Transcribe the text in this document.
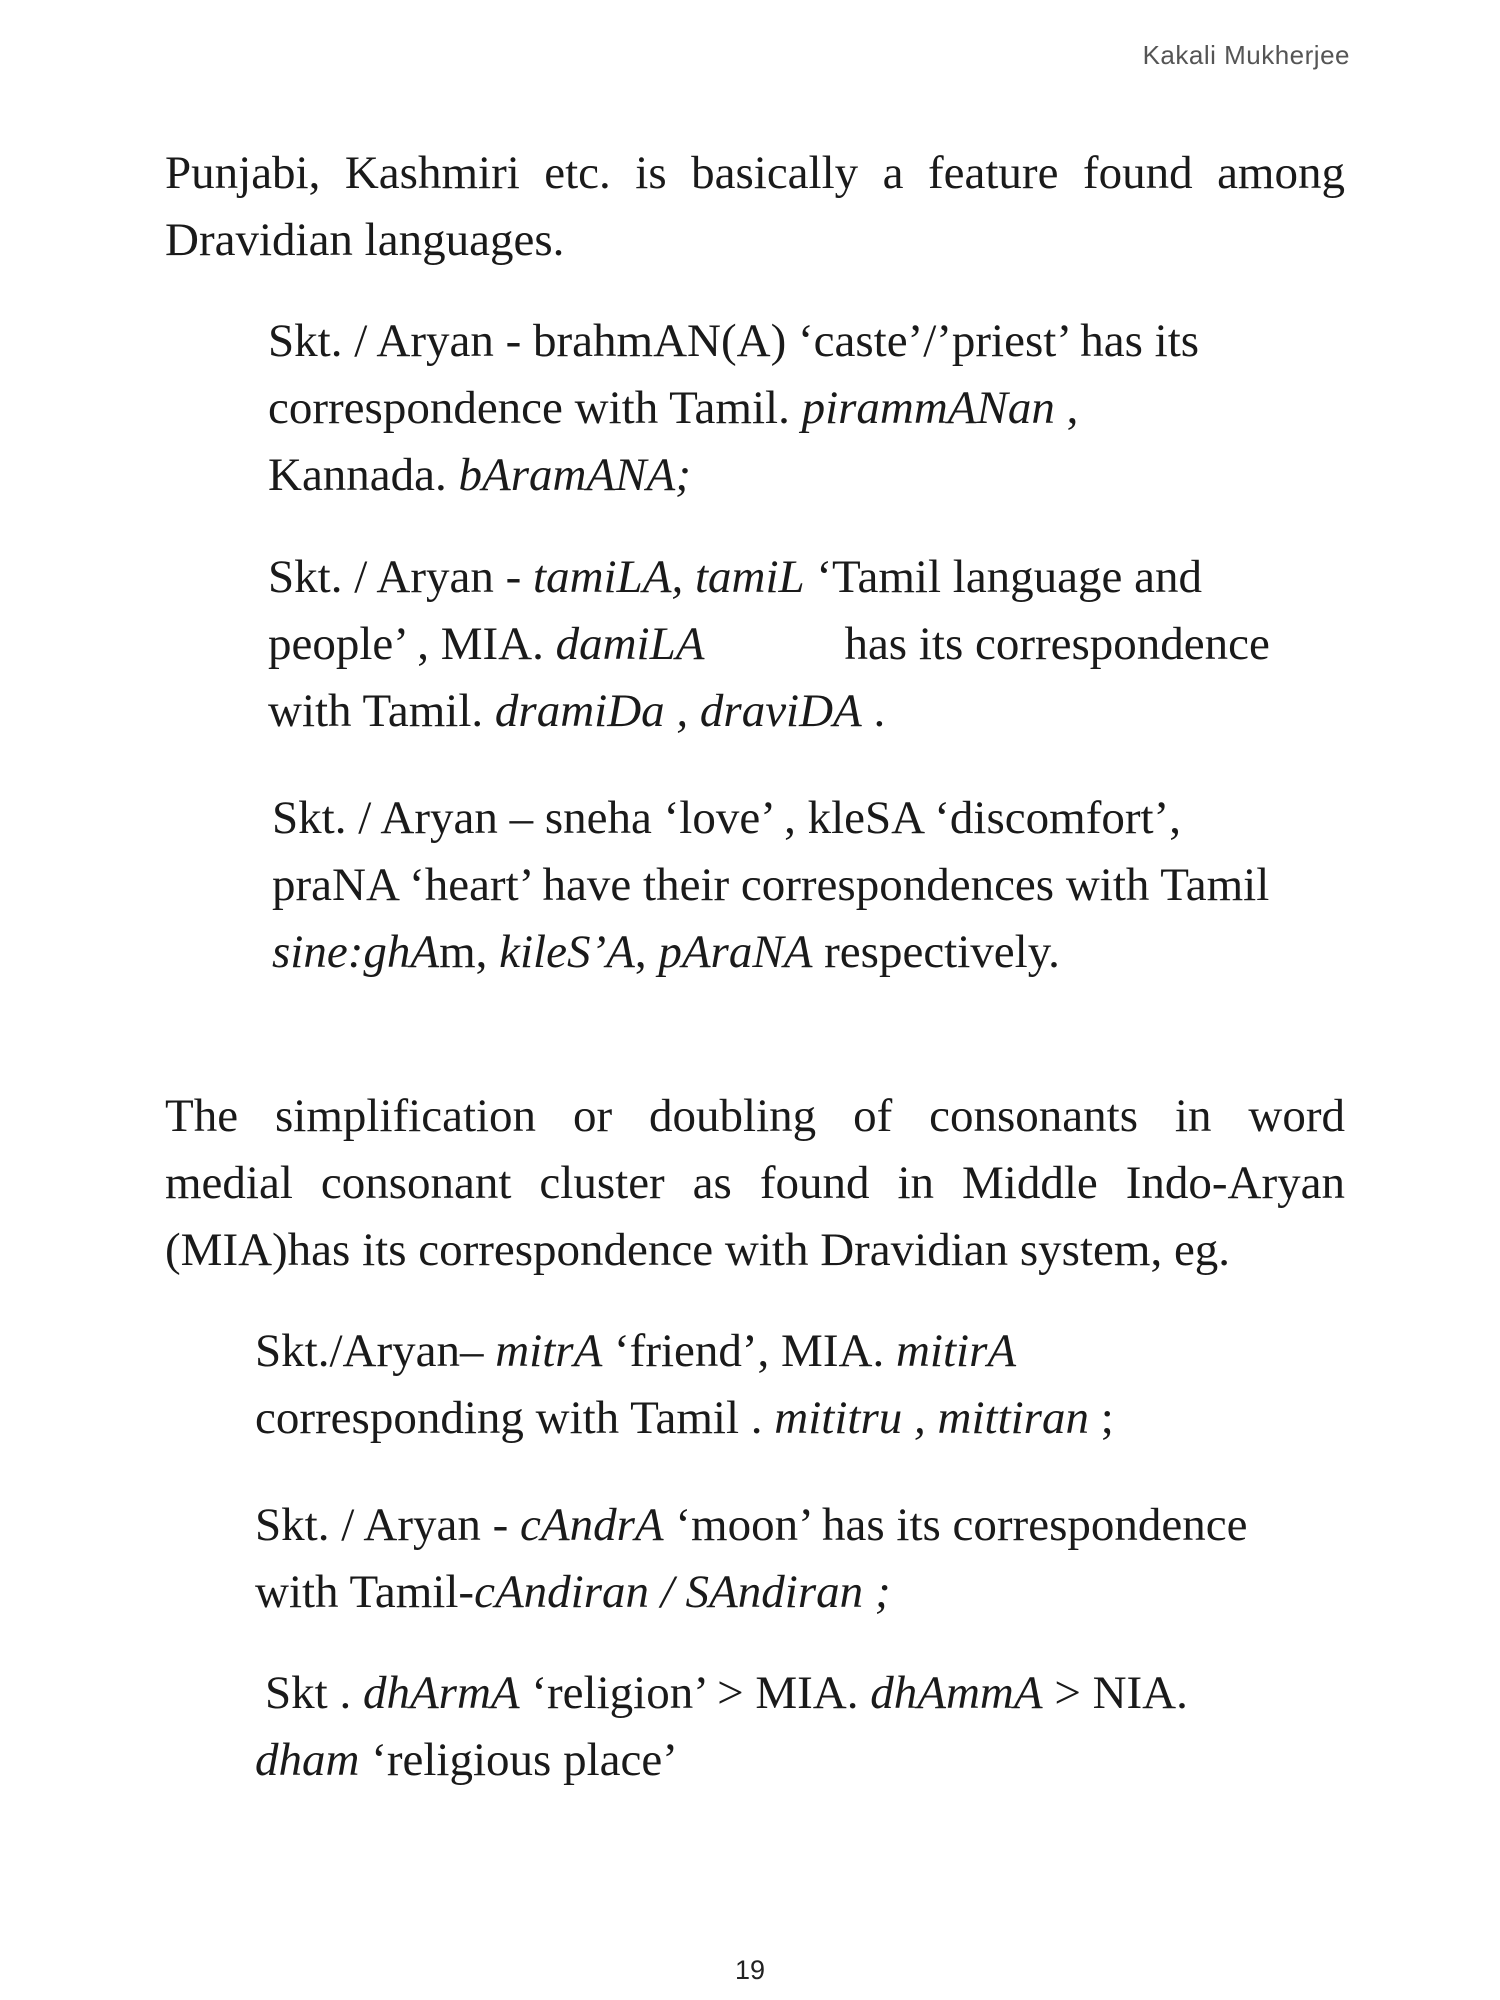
Kakali Mukherjee
Punjabi, Kashmiri etc. is basically a feature found among
Dravidian languages.
Skt. / Aryan - brahmAN(A) ‘caste’/’priest’ has its
correspondence with Tamil. pirammANan ,
Kannada. bAramANA;
Skt. / Aryan - tamiLA, tamiL ‘Tamil language and
people’ , MIA. damiLA	has its correspondence
with Tamil. dramiDa , draviDA .
Skt. / Aryan – sneha ‘love’ , kleSA ‘discomfort’,
praNA ‘heart’ have their correspondences with Tamil
sine:ghAm, kileS’A, pAraNA respectively.
The simplification or doubling of consonants in word
medial consonant cluster as found in Middle Indo-Aryan
(MIA)has its correspondence with Dravidian system, eg.
Skt./Aryan– mitrA ‘friend’, MIA. mitirA
corresponding with Tamil . mititru , mittiran ;
Skt. / Aryan - cAndrA ‘moon’ has its correspondence
with Tamil-cAndiran / SAndiran ;
Skt . dhArmA ‘religion’ > MIA. dhAmmA > NIA.
dham ‘religious place’
19
